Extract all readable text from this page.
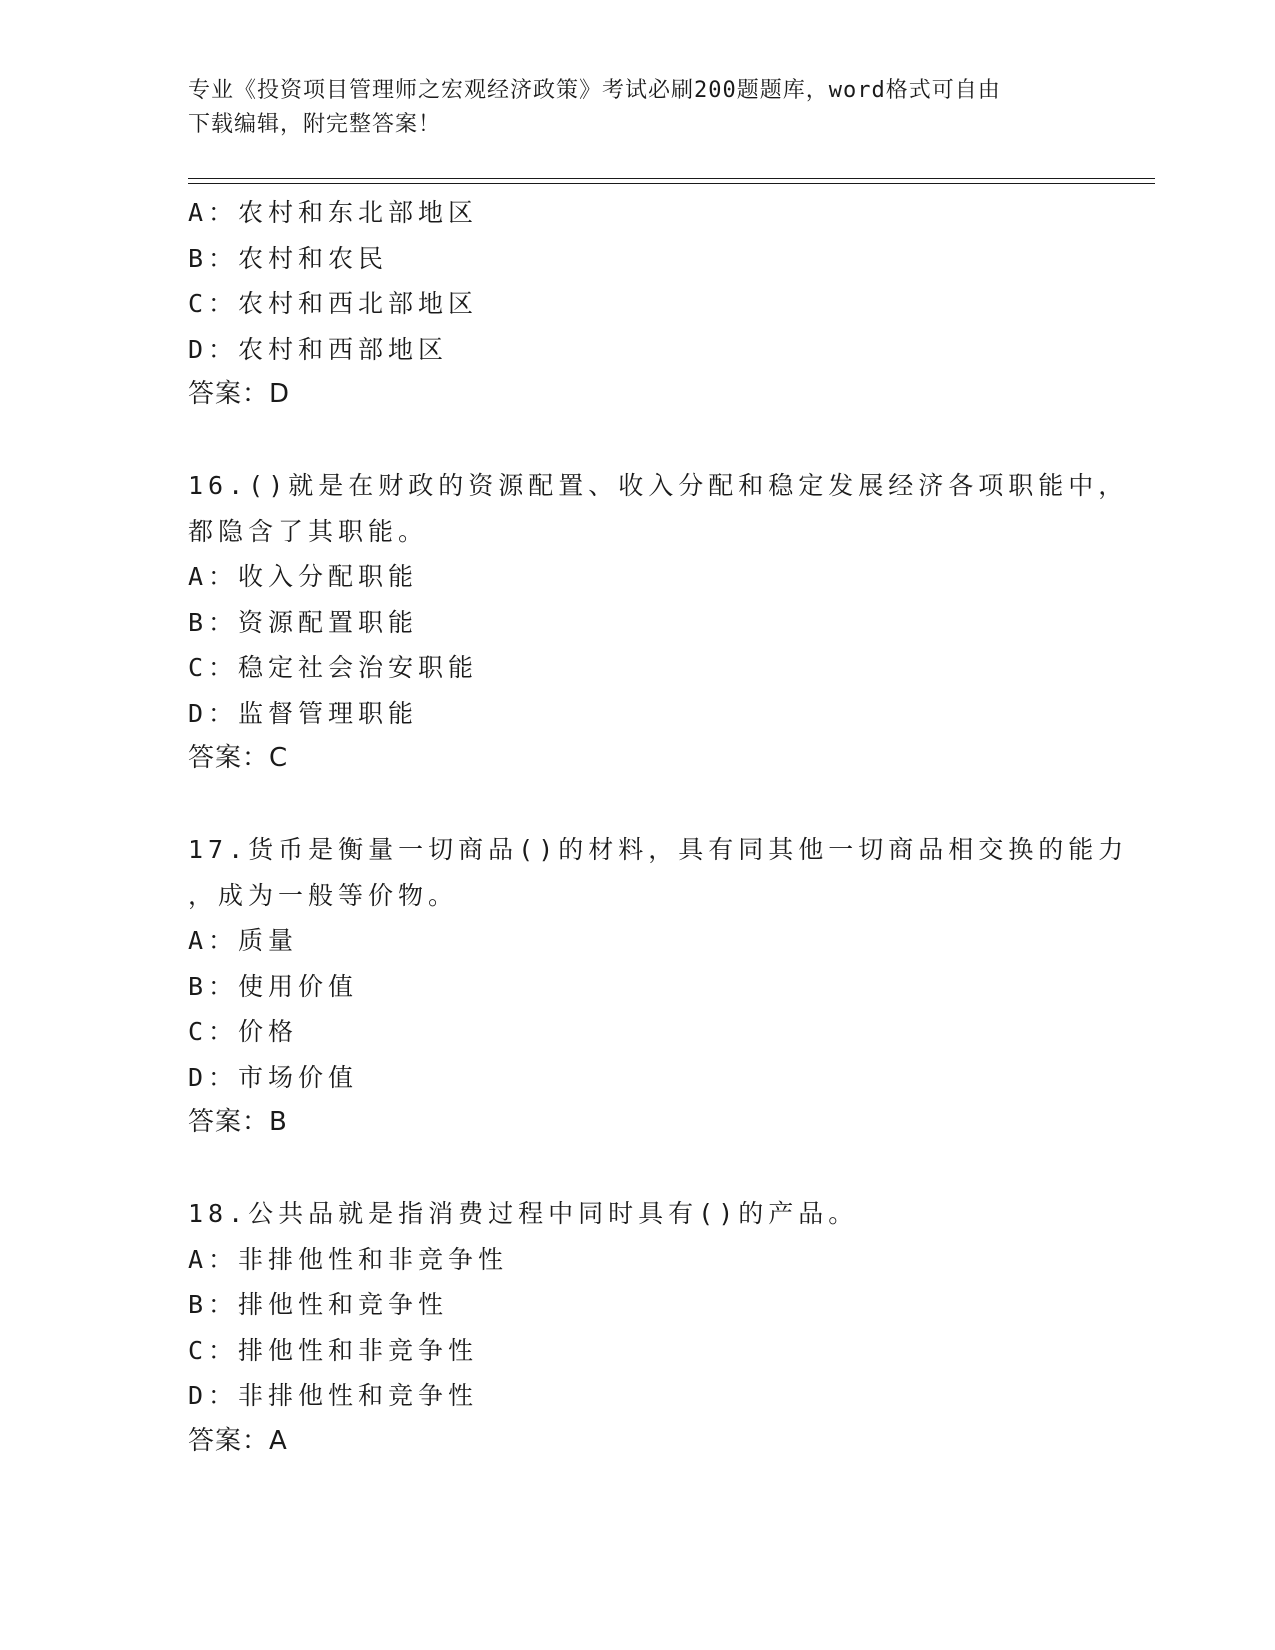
专业《投资项目管理师之宏观经济政策》考试必刷200题题库，word格式可自由
下载编辑，附完整答案！
A：农村和东北部地区
B：农村和农民
C：农村和西北部地区
D：农村和西部地区
答案：D
16.()就是在财政的资源配置、收入分配和稳定发展经济各项职能中，
都隐含了其职能。
A：收入分配职能
B：资源配置职能
C：稳定社会治安职能
D：监督管理职能
答案：C
17.货币是衡量一切商品()的材料，具有同其他一切商品相交换的能力
，成为一般等价物。
A：质量
B：使用价值
C：价格
D：市场价值
答案：B
18.公共品就是指消费过程中同时具有()的产品。
A：非排他性和非竞争性
B：排他性和竞争性
C：排他性和非竞争性
D：非排他性和竞争性
答案：A
